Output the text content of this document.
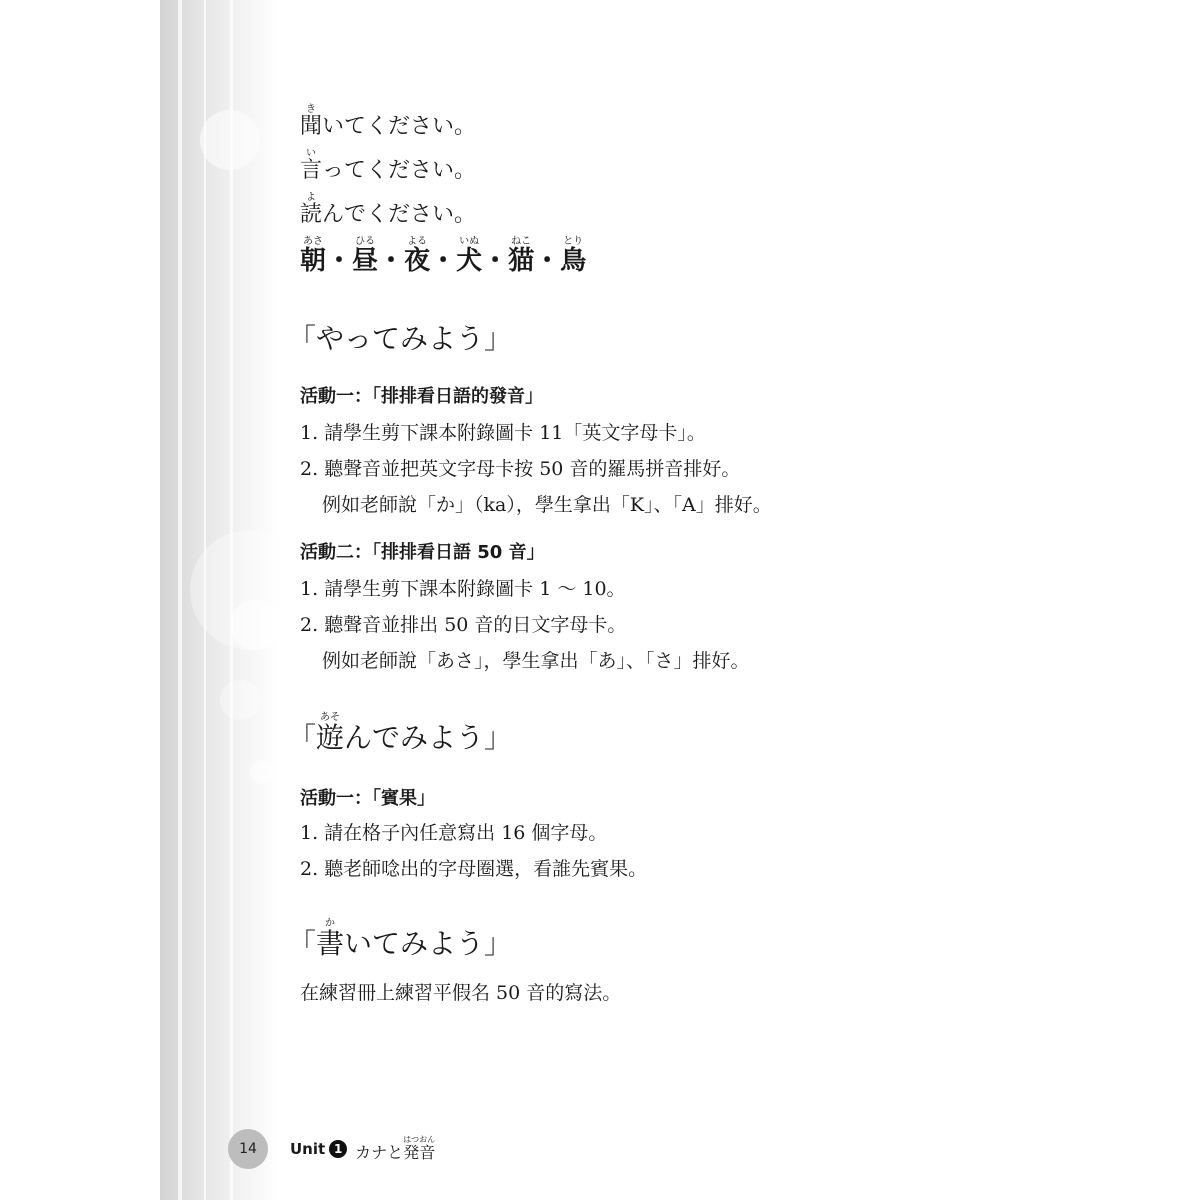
聞きいてください。

言いってください。

読よんでください。

朝あさ・昼ひる・夜よる・犬いぬ・猫ねこ・鳥とり

「やってみよう」
活動一：「排排看日語的發音」

1. 請學生剪下課本附錄圖卡 11「英文字母卡」。

2. 聽聲音並把英文字母卡按 50 音的羅馬拼音排好。

例如老師說「か」（ka），學生拿出「K」、「A」排好。

活動二：「排排看日語 50 音」

1. 請學生剪下課本附錄圖卡 1 ～ 10。

2. 聽聲音並排出 50 音的日文字母卡。

例如老師說「あさ」，學生拿出「あ」、「さ」排好。

「遊あそんでみよう」
活動一：「賓果」

1. 請在格子內任意寫出 16 個字母。

2. 聽老師唸出的字母圈選，看誰先賓果。

「書かいてみよう」

在練習冊上練習平假名 50 音的寫法。

14	Unit 1 カナと発音はつおん
